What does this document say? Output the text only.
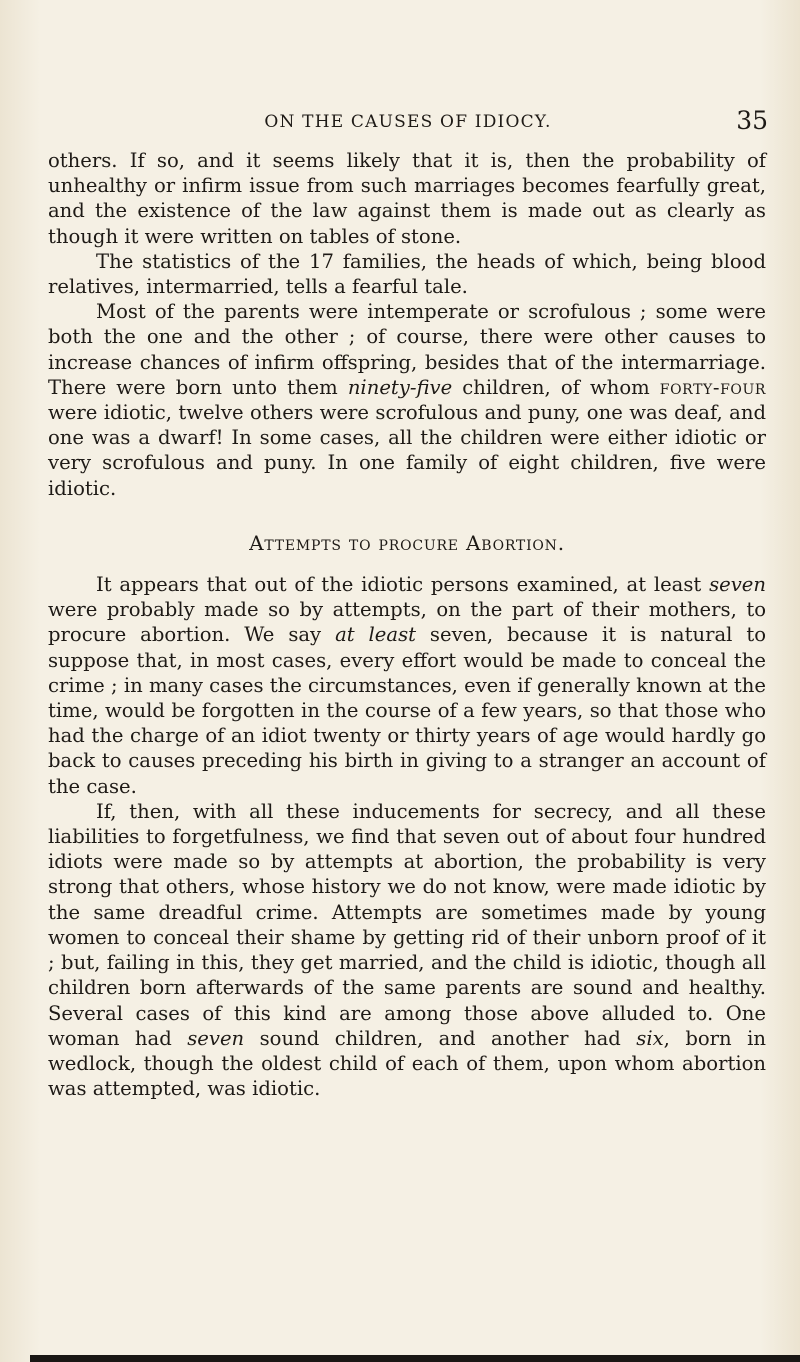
ON THE CAUSES OF IDIOCY.	35

others. If so, and it seems likely that it is, then the probability of unhealthy or infirm issue from such marriages becomes fearfully great, and the existence of the law against them is made out as clearly as though it were written on tables of stone.

The statistics of the 17 families, the heads of which, being blood relatives, intermarried, tells a fearful tale.

Most of the parents were intemperate or scrofulous ; some were both the one and the other ; of course, there were other causes to increase chances of infirm offspring, besides that of the intermarriage. There were born unto them ninety-five children, of whom forty-four were idiotic, twelve others were scrofulous and puny, one was deaf, and one was a dwarf! In some cases, all the children were either idiotic or very scrofulous and puny. In one family of eight children, five were idiotic.

Attempts to procure Abortion.

It appears that out of the idiotic persons examined, at least seven were probably made so by attempts, on the part of their mothers, to procure abortion. We say at least seven, because it is natural to suppose that, in most cases, every effort would be made to conceal the crime ; in many cases the circumstances, even if generally known at the time, would be forgotten in the course of a few years, so that those who had the charge of an idiot twenty or thirty years of age would hardly go back to causes preceding his birth in giving to a stranger an account of the case.

If, then, with all these inducements for secrecy, and all these liabilities to forgetfulness, we find that seven out of about four hundred idiots were made so by attempts at abortion, the probability is very strong that others, whose history we do not know, were made idiotic by the same dreadful crime. Attempts are sometimes made by young women to conceal their shame by getting rid of their unborn proof of it ; but, failing in this, they get married, and the child is idiotic, though all children born afterwards of the same parents are sound and healthy. Several cases of this kind are among those above alluded to. One woman had seven sound children, and another had six, born in wedlock, though the oldest child of each of them, upon whom abortion was attempted, was idiotic.
